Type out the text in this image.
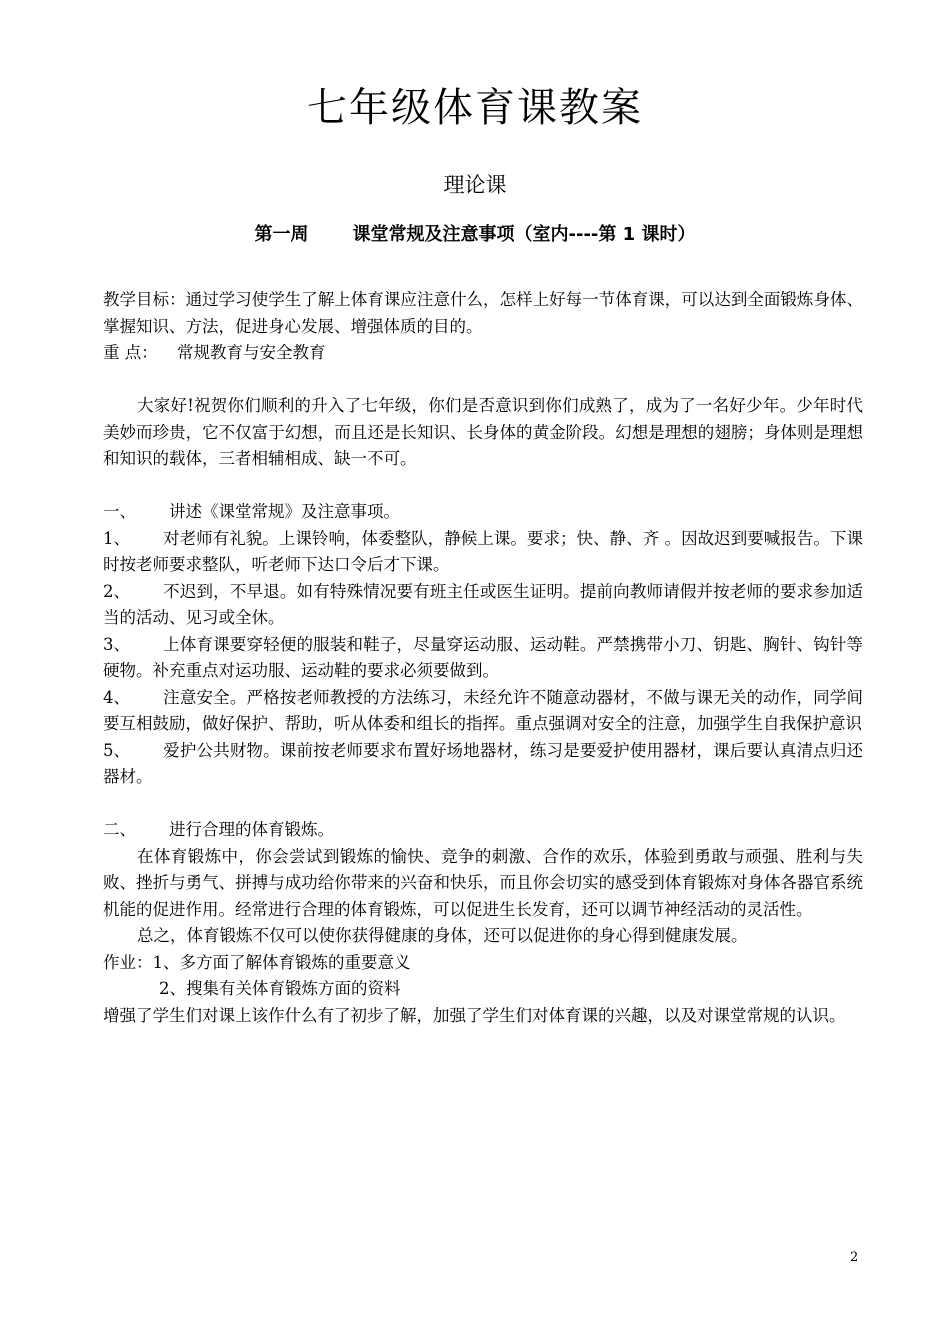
七年级体育课教案
理论课
第一周 课堂常规及注意事项（室内----第 1 课时）

教学目标：通过学习使学生了解上体育课应注意什么，怎样上好每一节体育课，可以达到全面锻炼身体、掌握知识、方法，促进身心发展、增强体质的目的。

重 点： 常规教育与安全教育

大家好!祝贺你们顺利的升入了七年级，你们是否意识到你们成熟了，成为了一名好少年。少年时代美妙而珍贵，它不仅富于幻想，而且还是长知识、长身体的黄金阶段。幻想是理想的翅膀；身体则是理想和知识的载体，三者相辅相成、缺一不可。

一、 讲述《课堂常规》及注意事项。

1、 对老师有礼貌。上课铃响，体委整队，静候上课。要求；快、静、齐 。因故迟到要喊报告。下课时按老师要求整队，听老师下达口令后才下课。

2、 不迟到，不早退。如有特殊情况要有班主任或医生证明。提前向教师请假并按老师的要求参加适当的活动、见习或全休。

3、 上体育课要穿轻便的服装和鞋子，尽量穿运动服、运动鞋。严禁携带小刀、钥匙、胸针、钩针等硬物。补充重点对运功服、运动鞋的要求必须要做到。

4、 注意安全。严格按老师教授的方法练习，未经允许不随意动器材，不做与课无关的动作，同学间要互相鼓励，做好保护、帮助，听从体委和组长的指挥。重点强调对安全的注意，加强学生自我保护意识

5、 爱护公共财物。课前按老师要求布置好场地器材，练习是要爱护使用器材，课后要认真清点归还器材。

二、 进行合理的体育锻炼。

在体育锻炼中，你会尝试到锻炼的愉快、竞争的刺激、合作的欢乐，体验到勇敢与顽强、胜利与失败、挫折与勇气、拼搏与成功给你带来的兴奋和快乐，而且你会切实的感受到体育锻炼对身体各器官系统机能的促进作用。经常进行合理的体育锻炼，可以促进生长发育，还可以调节神经活动的灵活性。

总之，体育锻炼不仅可以使你获得健康的身体，还可以促进你的身心得到健康发展。

作业：1、多方面了解体育锻炼的重要意义

2、搜集有关体育锻炼方面的资料

增强了学生们对课上该作什么有了初步了解，加强了学生们对体育课的兴趣，以及对课堂常规的认识。

2
